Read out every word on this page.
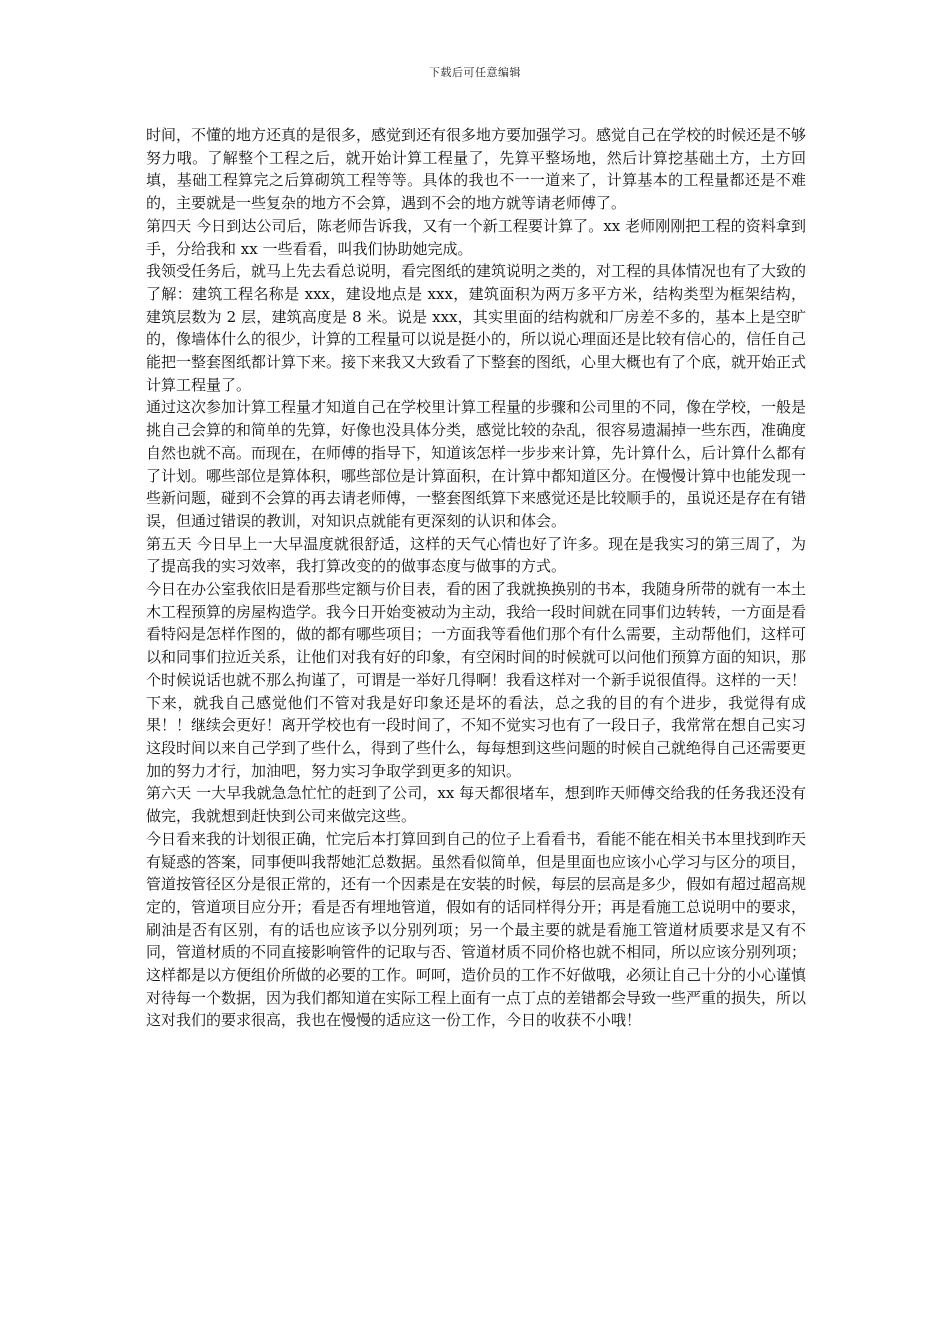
下载后可任意编辑

时间，不懂的地方还真的是很多，感觉到还有很多地方要加强学习。感觉自己在学校的时候还是不够努力哦。了解整个工程之后，就开始计算工程量了，先算平整场地，然后计算挖基础土方，土方回填，基础工程算完之后算砌筑工程等等。具体的我也不一一道来了，计算基本的工程量都还是不难的，主要就是一些复杂的地方不会算，遇到不会的地方就等请老师傅了。

第四天 今日到达公司后，陈老师告诉我，又有一个新工程要计算了。xx 老师刚刚把工程的资料拿到手，分给我和 xx 一些看看，叫我们协助她完成。

我领受任务后，就马上先去看总说明，看完图纸的建筑说明之类的，对工程的具体情况也有了大致的了解：建筑工程名称是 xxx，建设地点是 xxx，建筑面积为两万多平方米，结构类型为框架结构，建筑层数为 2 层，建筑高度是 8 米。说是 xxx，其实里面的结构就和厂房差不多的，基本上是空旷的，像墙体什么的很少，计算的工程量可以说是挺小的，所以说心理面还是比较有信心的，信任自己能把一整套图纸都计算下来。接下来我又大致看了下整套的图纸，心里大概也有了个底，就开始正式计算工程量了。

通过这次参加计算工程量才知道自己在学校里计算工程量的步骤和公司里的不同，像在学校，一般是挑自己会算的和简单的先算，好像也没具体分类，感觉比较的杂乱，很容易遗漏掉一些东西，准确度自然也就不高。而现在，在师傅的指导下，知道该怎样一步步来计算，先计算什么，后计算什么都有了计划。哪些部位是算体积，哪些部位是计算面积，在计算中都知道区分。在慢慢计算中也能发现一些新问题，碰到不会算的再去请老师傅，一整套图纸算下来感觉还是比较顺手的，虽说还是存在有错误，但通过错误的教训，对知识点就能有更深刻的认识和体会。

第五天 今日早上一大早温度就很舒适，这样的天气心情也好了许多。现在是我实习的第三周了，为了提高我的实习效率，我打算改变的的做事态度与做事的方式。

今日在办公室我依旧是看那些定额与价目表，看的困了我就换换别的书本，我随身所带的就有一本土木工程预算的房屋构造学。我今日开始变被动为主动，我给一段时间就在同事们边转转，一方面是看看特闷是怎样作图的，做的都有哪些项目；一方面我等看他们那个有什么需要，主动帮他们，这样可以和同事们拉近关系，让他们对我有好的印象，有空闲时间的时候就可以问他们预算方面的知识，那个时候说话也就不那么拘谨了，可谓是一举好几得啊！我看这样对一个新手说很值得。这样的一天！下来，就我自己感觉他们不管对我是好印象还是坏的看法，总之我的目的有个进步，我觉得有成果！！继续会更好！离开学校也有一段时间了，不知不觉实习也有了一段日子，我常常在想自己实习这段时间以来自己学到了些什么，得到了些什么，每每想到这些问题的时候自己就绝得自己还需要更加的努力才行，加油吧，努力实习争取学到更多的知识。

第六天 一大早我就急急忙忙的赶到了公司，xx 每天都很堵车，想到昨天师傅交给我的任务我还没有做完，我就想到赶快到公司来做完这些。

今日看来我的计划很正确，忙完后本打算回到自己的位子上看看书，看能不能在相关书本里找到昨天有疑惑的答案，同事便叫我帮她汇总数据。虽然看似简单，但是里面也应该小心学习与区分的项目，管道按管径区分是很正常的，还有一个因素是在安装的时候，每层的层高是多少，假如有超过超高规定的，管道项目应分开；看是否有埋地管道，假如有的话同样得分开；再是看施工总说明中的要求，刷油是否有区别，有的话也应该予以分别列项；另一个最主要的就是看施工管道材质要求是又有不同，管道材质的不同直接影响管件的记取与否、管道材质不同价格也就不相同，所以应该分别列项；这样都是以方便组价所做的必要的工作。呵呵，造价员的工作不好做哦，必须让自己十分的小心谨慎对待每一个数据，因为我们都知道在实际工程上面有一点丁点的差错都会导致一些严重的损失，所以这对我们的要求很高，我也在慢慢的适应这一份工作，今日的收获不小哦！
